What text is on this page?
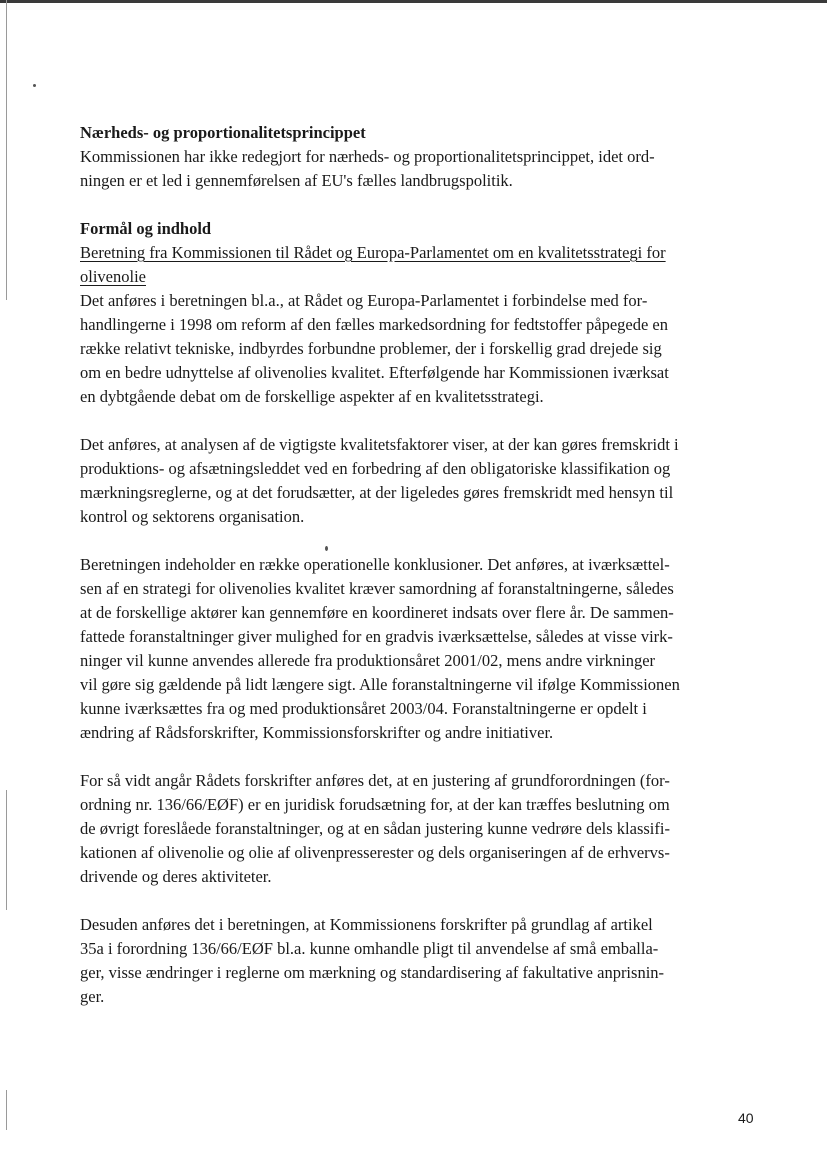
Nærheds- og proportionalitetsprincippet

Kommissionen har ikke redegjort for nærheds- og proportionalitetsprincippet, idet ord-
ningen er et led i gennemførelsen af EU's fælles landbrugspolitik.

Formål og indhold

Beretning fra Kommissionen til Rådet og Europa-Parlamentet om en kvalitetsstrategi for
olivenolie

Det anføres i beretningen bl.a., at Rådet og Europa-Parlamentet i forbindelse med for-
handlingerne i 1998 om reform af den fælles markedsordning for fedtstoffer påpegede en
række relativt tekniske, indbyrdes forbundne problemer, der i forskellig grad drejede sig
om en bedre udnyttelse af olivenolies kvalitet. Efterfølgende har Kommissionen iværksat
en dybtgående debat om de forskellige aspekter af en kvalitetsstrategi.

Det anføres, at analysen af de vigtigste kvalitetsfaktorer viser, at der kan gøres fremskridt i
produktions- og afsætningsleddet ved en forbedring af den obligatoriske klassifikation og
mærkningsreglerne, og at det forudsætter, at der ligeledes gøres fremskridt med hensyn til
kontrol og sektorens organisation.

Beretningen indeholder en række operationelle konklusioner. Det anføres, at iværksættel-
sen af en strategi for olivenolies kvalitet kræver samordning af foranstaltningerne, således
at de forskellige aktører kan gennemføre en koordineret indsats over flere år. De sammen-
fattede foranstaltninger giver mulighed for en gradvis iværksættelse, således at visse virk-
ninger vil kunne anvendes allerede fra produktionsåret 2001/02, mens andre virkninger
vil gøre sig gældende på lidt længere sigt. Alle foranstaltningerne vil ifølge Kommissionen
kunne iværksættes fra og med produktionsåret 2003/04. Foranstaltningerne er opdelt i
ændring af Rådsforskrifter, Kommissionsforskrifter og andre initiativer.

For så vidt angår Rådets forskrifter anføres det, at en justering af grundforordningen (for-
ordning nr. 136/66/EØF) er en juridisk forudsætning for, at der kan træffes beslutning om
de øvrigt foreslåede foranstaltninger, og at en sådan justering kunne vedrøre dels klassifi-
kationen af olivenolie og olie af olivenpresserester og dels organiseringen af de erhvervs-
drivende og deres aktiviteter.

Desuden anføres det i beretningen, at Kommissionens forskrifter på grundlag af artikel
35a i forordning 136/66/EØF bl.a. kunne omhandle pligt til anvendelse af små emballa-
ger, visse ændringer i reglerne om mærkning og standardisering af fakultative anprisnin-
ger.

40
